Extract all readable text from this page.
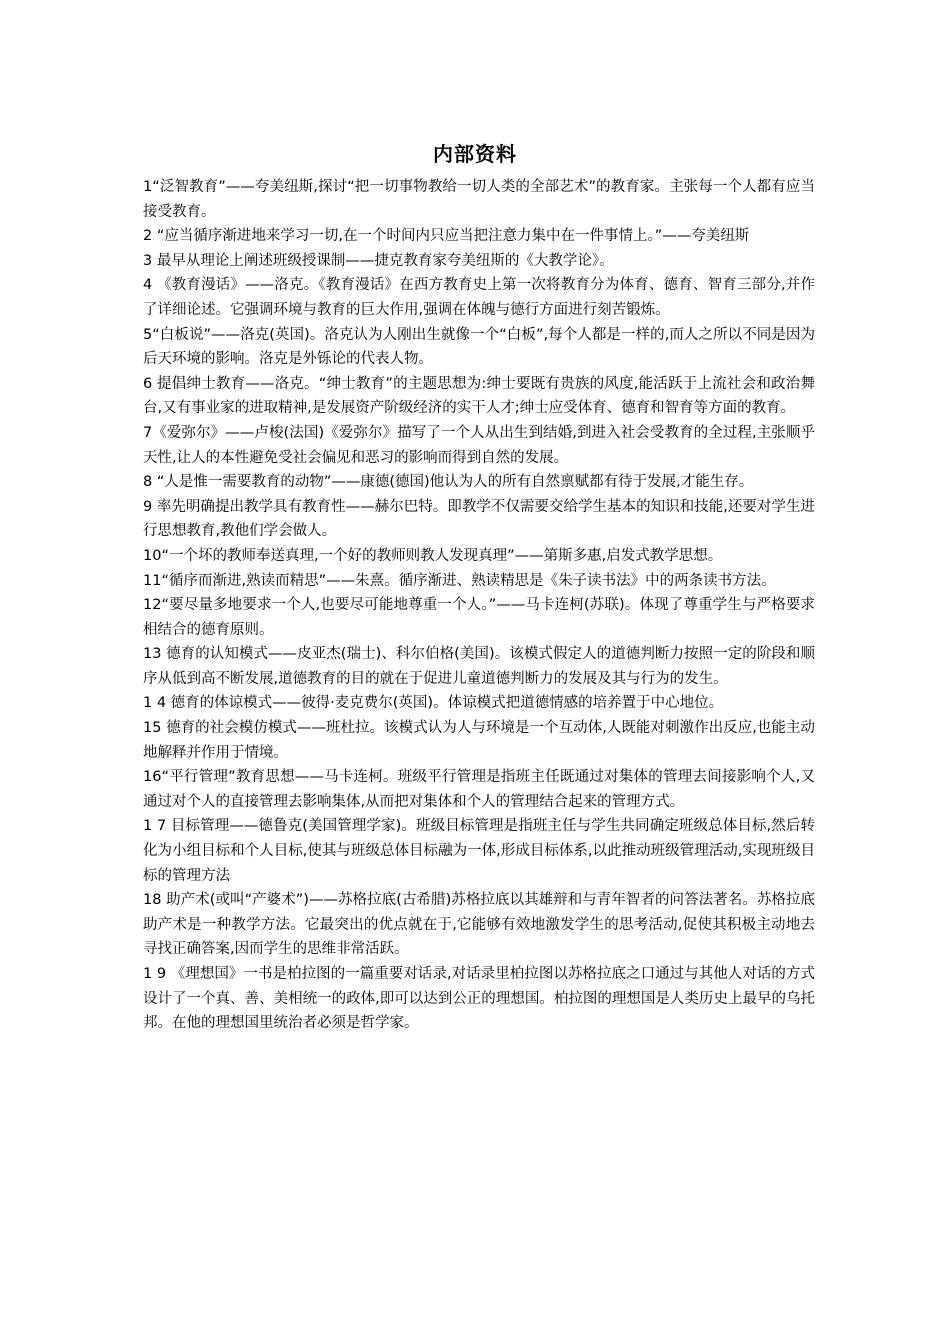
内部资料

1“泛智教育”——夸美纽斯,探讨“把一切事物教给一切人类的全部艺术”的教育家。主张每一个人都有应当接受教育。

2 “应当循序渐进地来学习一切,在一个时间内只应当把注意力集中在一件事情上。”——夸美纽斯

3 最早从理论上阐述班级授课制——捷克教育家夸美纽斯的《大教学论》。

4 《教育漫话》——洛克。《教育漫话》在西方教育史上第一次将教育分为体育、德育、智育三部分,并作了详细论述。它强调环境与教育的巨大作用,强调在体魄与德行方面进行刻苦锻炼。

5“白板说”——洛克(英国)。洛克认为人刚出生就像一个“白板”,每个人都是一样的,而人之所以不同是因为后天环境的影响。洛克是外铄论的代表人物。

6 提倡绅士教育——洛克。“绅士教育”的主题思想为:绅士要既有贵族的风度,能活跃于上流社会和政治舞台,又有事业家的进取精神,是发展资产阶级经济的实干人才;绅士应受体育、德育和智育等方面的教育。

7《爱弥尔》——卢梭(法国)《爱弥尔》描写了一个人从出生到结婚,到进入社会受教育的全过程,主张顺乎天性,让人的本性避免受社会偏见和恶习的影响而得到自然的发展。

8 “人是惟一需要教育的动物”——康德(德国)他认为人的所有自然禀赋都有待于发展,才能生存。

9 率先明确提出教学具有教育性——赫尔巴特。即教学不仅需要交给学生基本的知识和技能,还要对学生进行思想教育,教他们学会做人。

10“一个坏的教师奉送真理,一个好的教师则教人发现真理”——第斯多惠,启发式教学思想。

11“循序而渐进,熟读而精思”——朱熹。循序渐进、熟读精思是《朱子读书法》中的两条读书方法。

12“要尽量多地要求一个人,也要尽可能地尊重一个人。”——马卡连柯(苏联)。体现了尊重学生与严格要求相结合的德育原则。

13 德育的认知模式——皮亚杰(瑞士)、科尔伯格(美国)。该模式假定人的道德判断力按照一定的阶段和顺序从低到高不断发展,道德教育的目的就在于促进儿童道德判断力的发展及其与行为的发生。

1 4 德育的体谅模式——彼得·麦克费尔(英国)。体谅模式把道德情感的培养置于中心地位。

15 德育的社会模仿模式——班杜拉。该模式认为人与环境是一个互动体,人既能对刺激作出反应,也能主动地解释并作用于情境。

16“平行管理”教育思想——马卡连柯。班级平行管理是指班主任既通过对集体的管理去间接影响个人,又通过对个人的直接管理去影响集体,从而把对集体和个人的管理结合起来的管理方式。

1 7 目标管理——德鲁克(美国管理学家)。班级目标管理是指班主任与学生共同确定班级总体目标,然后转化为小组目标和个人目标,使其与班级总体目标融为一体,形成目标体系,以此推动班级管理活动,实现班级目标的管理方法

18 助产术(或叫“产婆术”)——苏格拉底(古希腊)苏格拉底以其雄辩和与青年智者的问答法著名。苏格拉底助产术是一种教学方法。它最突出的优点就在于,它能够有效地激发学生的思考活动,促使其积极主动地去寻找正确答案,因而学生的思维非常活跃。

1 9 《理想国》一书是柏拉图的一篇重要对话录,对话录里柏拉图以苏格拉底之口通过与其他人对话的方式设计了一个真、善、美相统一的政体,即可以达到公正的理想国。柏拉图的理想国是人类历史上最早的乌托邦。在他的理想国里统治者必须是哲学家。
